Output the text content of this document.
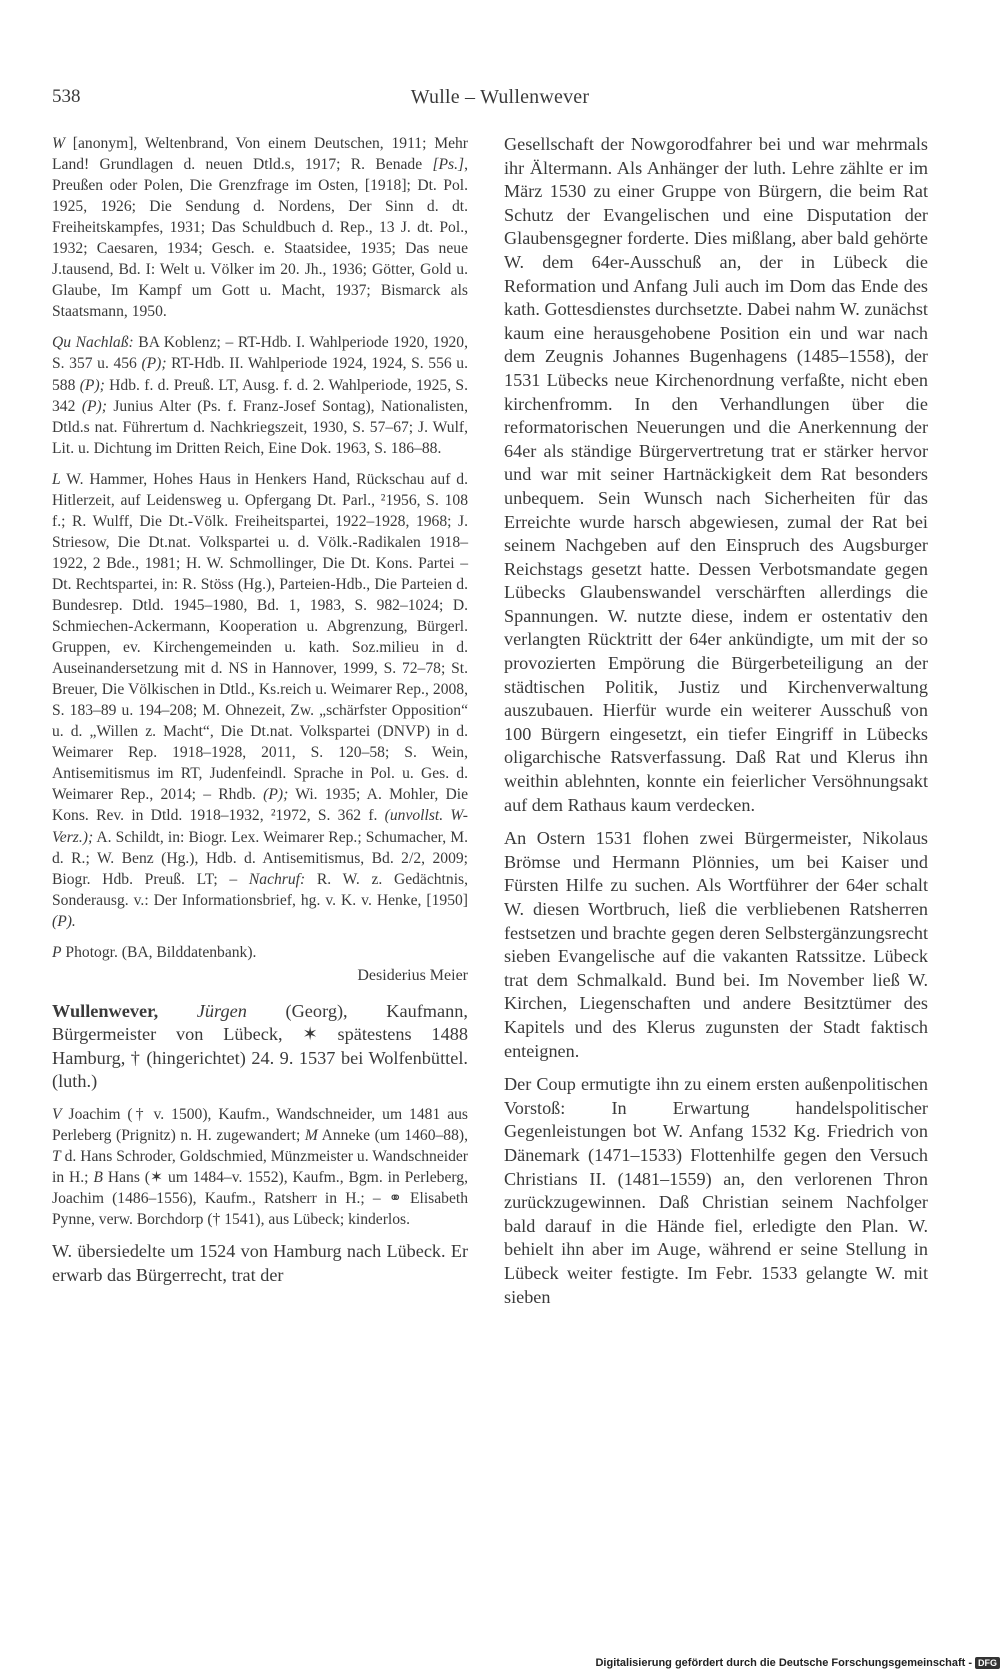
538	Wulle – Wullenwever

W [anonym], Weltenbrand, Von einem Deutschen, 1911; Mehr Land! Grundlagen d. neuen Dtld.s, 1917; R. Benade [Ps.], Preußen oder Polen, Die Grenzfrage im Osten, [1918]; Dt. Pol. 1925, 1926; Die Sendung d. Nordens, Der Sinn d. dt. Freiheitskampfes, 1931; Das Schuldbuch d. Rep., 13 J. dt. Pol., 1932; Caesaren, 1934; Gesch. e. Staatsidee, 1935; Das neue J.tausend, Bd. I: Welt u. Völker im 20. Jh., 1936; Götter, Gold u. Glaube, Im Kampf um Gott u. Macht, 1937; Bismarck als Staatsmann, 1950.

Qu Nachlaß: BA Koblenz; – RT-Hdb. I. Wahlperiode 1920, 1920, S. 357 u. 456 (P); RT-Hdb. II. Wahlperiode 1924, 1924, S. 556 u. 588 (P); Hdb. f. d. Preuß. LT, Ausg. f. d. 2. Wahlperiode, 1925, S. 342 (P); Junius Alter (Ps. f. Franz-Josef Sontag), Nationalisten, Dtld.s nat. Führertum d. Nachkriegszeit, 1930, S. 57–67; J. Wulf, Lit. u. Dichtung im Dritten Reich, Eine Dok. 1963, S. 186–88.

L W. Hammer, Hohes Haus in Henkers Hand, Rückschau auf d. Hitlerzeit, auf Leidensweg u. Opfergang Dt. Parl., ²1956, S. 108 f.; R. Wulff, Die Dt.-Völk. Freiheitspartei, 1922–1928, 1968; J. Striesow, Die Dt.nat. Volkspartei u. d. Völk.-Radikalen 1918–1922, 2 Bde., 1981; H. W. Schmollinger, Die Dt. Kons. Partei – Dt. Rechtspartei, in: R. Stöss (Hg.), Parteien-Hdb., Die Parteien d. Bundesrep. Dtld. 1945–1980, Bd. 1, 1983, S. 982–1024; D. Schmiechen-Ackermann, Kooperation u. Abgrenzung, Bürgerl. Gruppen, ev. Kirchengemeinden u. kath. Soz.milieu in d. Auseinandersetzung mit d. NS in Hannover, 1999, S. 72–78; St. Breuer, Die Völkischen in Dtld., Ks.reich u. Weimarer Rep., 2008, S. 183–89 u. 194–208; M. Ohnezeit, Zw. „schärfster Opposition“ u. d. „Willen z. Macht“, Die Dt.nat. Volkspartei (DNVP) in d. Weimarer Rep. 1918–1928, 2011, S. 120–58; S. Wein, Antisemitismus im RT, Judenfeindl. Sprache in Pol. u. Ges. d. Weimarer Rep., 2014; – Rhdb. (P); Wi. 1935; A. Mohler, Die Kons. Rev. in Dtld. 1918–1932, ²1972, S. 362 f. (unvollst. W-Verz.); A. Schildt, in: Biogr. Lex. Weimarer Rep.; Schumacher, M. d. R.; W. Benz (Hg.), Hdb. d. Antisemitismus, Bd. 2/2, 2009; Biogr. Hdb. Preuß. LT; – Nachruf: R. W. z. Gedächtnis, Sonderausg. v.: Der Informationsbrief, hg. v. K. v. Henke, [1950] (P).

P Photogr. (BA, Bilddatenbank).

Desiderius Meier

Wullenwever, Jürgen (Georg), Kaufmann, Bürgermeister von Lübeck, ✶ spätestens 1488 Hamburg, † (hingerichtet) 24. 9. 1537 bei Wolfenbüttel. (luth.)

V Joachim († v. 1500), Kaufm., Wandschneider, um 1481 aus Perleberg (Prignitz) n. H. zugewandert; M Anneke (um 1460–88), T d. Hans Schroder, Goldschmied, Münzmeister u. Wandschneider in H.; B Hans (✶ um 1484–v. 1552), Kaufm., Bgm. in Perleberg, Joachim (1486–1556), Kaufm., Ratsherr in H.; – ⚭ Elisabeth Pynne, verw. Borchdorp († 1541), aus Lübeck; kinderlos.

W. übersiedelte um 1524 von Hamburg nach Lübeck. Er erwarb das Bürgerrecht, trat der

Gesellschaft der Nowgorodfahrer bei und war mehrmals ihr Ältermann. Als Anhänger der luth. Lehre zählte er im März 1530 zu einer Gruppe von Bürgern, die beim Rat Schutz der Evangelischen und eine Disputation der Glaubensgegner forderte. Dies mißlang, aber bald gehörte W. dem 64er-Ausschuß an, der in Lübeck die Reformation und Anfang Juli auch im Dom das Ende des kath. Gottesdienstes durchsetzte. Dabei nahm W. zunächst kaum eine herausgehobene Position ein und war nach dem Zeugnis Johannes Bugenhagens (1485–1558), der 1531 Lübecks neue Kirchenordnung verfaßte, nicht eben kirchenfromm. In den Verhandlungen über die reformatorischen Neuerungen und die Anerkennung der 64er als ständige Bürgervertretung trat er stärker hervor und war mit seiner Hartnäckigkeit dem Rat besonders unbequem. Sein Wunsch nach Sicherheiten für das Erreichte wurde harsch abgewiesen, zumal der Rat bei seinem Nachgeben auf den Einspruch des Augsburger Reichstags gesetzt hatte. Dessen Verbotsmandate gegen Lübecks Glaubenswandel verschärften allerdings die Spannungen. W. nutzte diese, indem er ostentativ den verlangten Rücktritt der 64er ankündigte, um mit der so provozierten Empörung die Bürgerbeteiligung an der städtischen Politik, Justiz und Kirchenverwaltung auszubauen. Hierfür wurde ein weiterer Ausschuß von 100 Bürgern eingesetzt, ein tiefer Eingriff in Lübecks oligarchische Ratsverfassung. Daß Rat und Klerus ihn weithin ablehnten, konnte ein feierlicher Versöhnungsakt auf dem Rathaus kaum verdecken.

An Ostern 1531 flohen zwei Bürgermeister, Nikolaus Brömse und Hermann Plönnies, um bei Kaiser und Fürsten Hilfe zu suchen. Als Wortführer der 64er schalt W. diesen Wortbruch, ließ die verbliebenen Ratsherren festsetzen und brachte gegen deren Selbstergänzungsrecht sieben Evangelische auf die vakanten Ratssitze. Lübeck trat dem Schmalkald. Bund bei. Im November ließ W. Kirchen, Liegenschaften und andere Besitztümer des Kapitels und des Klerus zugunsten der Stadt faktisch enteignen.

Der Coup ermutigte ihn zu einem ersten außenpolitischen Vorstoß: In Erwartung handelspolitischer Gegenleistungen bot W. Anfang 1532 Kg. Friedrich von Dänemark (1471–1533) Flottenhilfe gegen den Versuch Christians II. (1481–1559) an, den verlorenen Thron zurückzugewinnen. Daß Christian seinem Nachfolger bald darauf in die Hände fiel, erledigte den Plan. W. behielt ihn aber im Auge, während er seine Stellung in Lübeck weiter festigte. Im Febr. 1533 gelangte W. mit sieben

Digitalisierung gefördert durch die Deutsche Forschungsgemeinschaft - DFG
